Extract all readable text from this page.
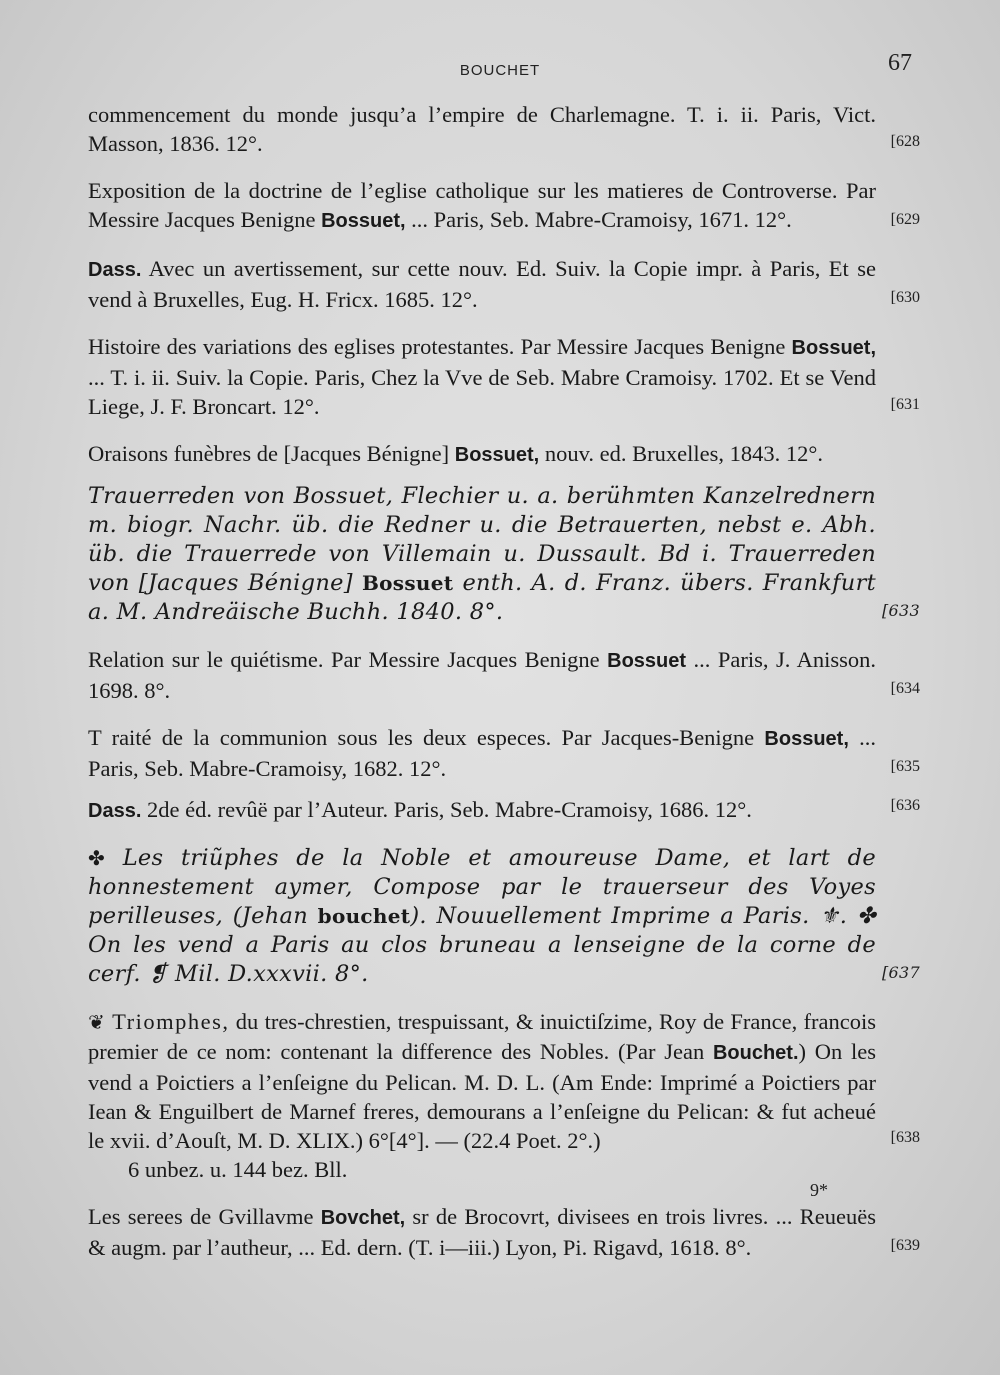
BOUCHET	67
commencement du monde jusqu’a l’empire de Charlemagne. T. i. ii. Paris, Vict. Masson, 1836. 12°.	[628
Exposition de la doctrine de l’eglise catholique sur les matieres de Controverse. Par Messire Jacques Benigne Bossuet, ... Paris, Seb. Mabre-Cramoisy, 1671. 12°.	[629
Dass. Avec un avertissement, sur cette nouv. Ed. Suiv. la Copie impr. à Paris, Et se vend à Bruxelles, Eug. H. Fricx. 1685. 12°.	[630
Histoire des variations des eglises protestantes. Par Messire Jacques Benigne Bossuet, ... T. i. ii. Suiv. la Copie. Paris, Chez la Vve de Seb. Mabre Cramoisy. 1702. Et se Vend Liege, J. F. Broncart. 12°.	[631
Oraisons funèbres de [Jacques Bénigne] Bossuet, nouv. ed. Bruxelles, 1843. 12°.
Trauerreden von Bossuet, Flechier u. a. berühmten Kanzelrednern m. biogr. Nachr. üb. die Redner u. die Betrauerten, nebst e. Abh. üb. die Trauerrede von Villemain u. Dussault. Bd i. Trauerreden von [Jacques Bénigne] Bossuet enth. A. d. Franz. übers. Frankfurt a. M. Andreäische Buchh. 1840. 8°.	[633
Relation sur le quiétisme. Par Messire Jacques Benigne Bossuet ... Paris, J. Anisson. 1698. 8°.	[634
T raité de la communion sous les deux especes. Par Jacques-Benigne Bossuet, ... Paris, Seb. Mabre-Cramoisy, 1682. 12°.	[635
Dass. 2de éd. revûë par l’Auteur. Paris, Seb. Mabre-Cramoisy, 1686. 12°.	[636
✤ Les triũphes de la Noble et amoureuse Dame, et lart de honnestement aymer, Compose par le trauerseur des Voyes perilleuses, (Jehan bouchet). Nouuellement Imprime a Paris. ⚜. ✤ On les vend a Paris au clos bruneau a lenseigne de la corne de cerf. ❡ Mil. D.xxxvii. 8°.	[637
❦ Triomphes, du tres-chrestien, trespuissant, & inuictiſzime, Roy de France, francois premier de ce nom: contenant la difference des Nobles. (Par Jean Bouchet.) On les vend a Poictiers a l’enſeigne du Pelican. M. D. L. (Am Ende: Imprimé a Poictiers par Iean & Enguilbert de Marnef freres, demourans a l’enſeigne du Pelican: & fut acheué le xvii. d’Aouſt, M. D. XLIX.) 6°[4°]. — (22.4 Poet. 2°.)
6 unbez. u. 144 bez. Bll.
[638
Les serees de Gvillavme Bovchet, sr de Brocovrt, divisees en trois livres. ... Reueuës & augm. par l’autheur, ... Ed. dern. (T. i—iii.) Lyon, Pi. Rigavd, 1618. 8°.	[639
9*
